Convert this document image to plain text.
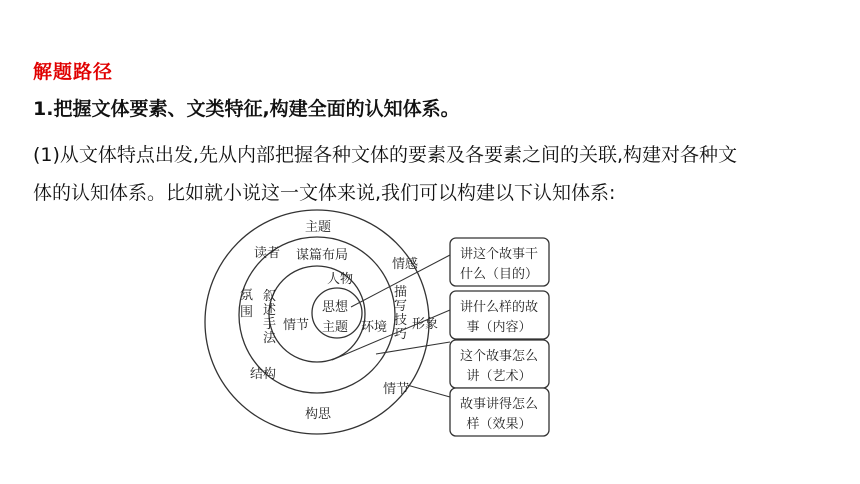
解题路径
1.把握文体要素、文类特征,构建全面的认知体系。
(1)从文体特点出发,先从内部把握各种文体的要素及各要素之间的关联,构建对各种文
体的认知体系。比如就小说这一文体来说,我们可以构建以下认知体系:
主题
读者
情感
氛围
形象
结构
情节
构思
谋篇布局
叙述手法
描写技巧
人物
情节	环境
思想
主题
讲这个故事干
什么（目的）
讲什么样的故
事（内容）
这个故事怎么
讲（艺术）
故事讲得怎么
样（效果）
